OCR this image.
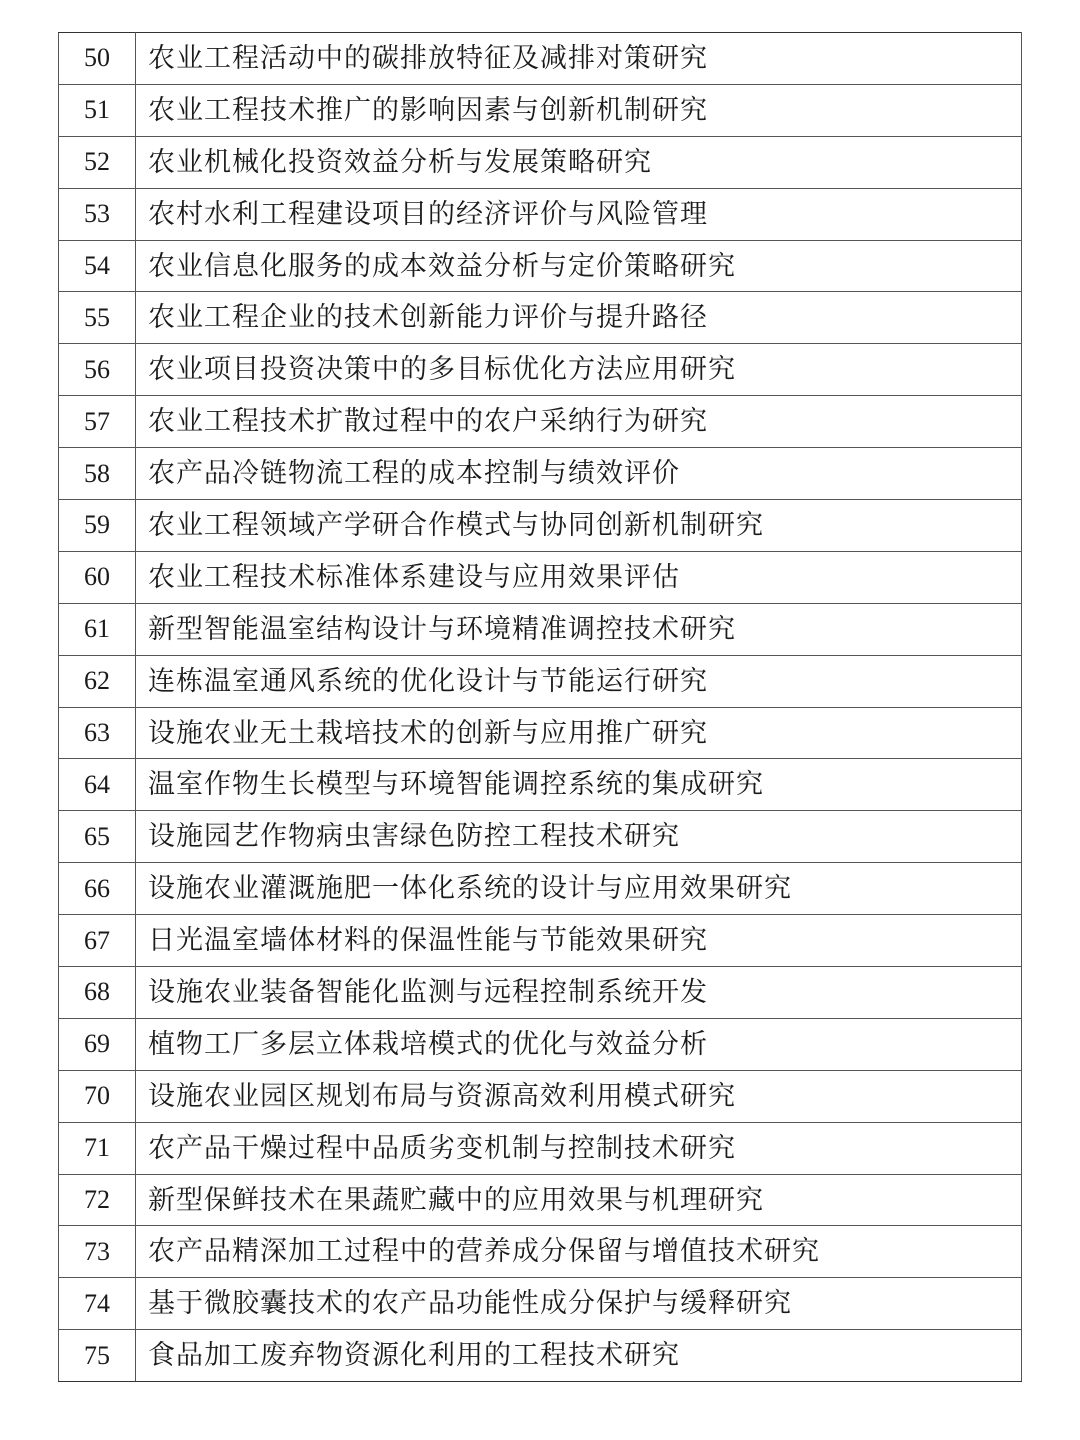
50	农业工程活动中的碳排放特征及减排对策研究
51	农业工程技术推广的影响因素与创新机制研究
52	农业机械化投资效益分析与发展策略研究
53	农村水利工程建设项目的经济评价与风险管理
54	农业信息化服务的成本效益分析与定价策略研究
55	农业工程企业的技术创新能力评价与提升路径
56	农业项目投资决策中的多目标优化方法应用研究
57	农业工程技术扩散过程中的农户采纳行为研究
58	农产品冷链物流工程的成本控制与绩效评价
59	农业工程领域产学研合作模式与协同创新机制研究
60	农业工程技术标准体系建设与应用效果评估
61	新型智能温室结构设计与环境精准调控技术研究
62	连栋温室通风系统的优化设计与节能运行研究
63	设施农业无土栽培技术的创新与应用推广研究
64	温室作物生长模型与环境智能调控系统的集成研究
65	设施园艺作物病虫害绿色防控工程技术研究
66	设施农业灌溉施肥一体化系统的设计与应用效果研究
67	日光温室墙体材料的保温性能与节能效果研究
68	设施农业装备智能化监测与远程控制系统开发
69	植物工厂多层立体栽培模式的优化与效益分析
70	设施农业园区规划布局与资源高效利用模式研究
71	农产品干燥过程中品质劣变机制与控制技术研究
72	新型保鲜技术在果蔬贮藏中的应用效果与机理研究
73	农产品精深加工过程中的营养成分保留与增值技术研究
74	基于微胶囊技术的农产品功能性成分保护与缓释研究
75	食品加工废弃物资源化利用的工程技术研究
